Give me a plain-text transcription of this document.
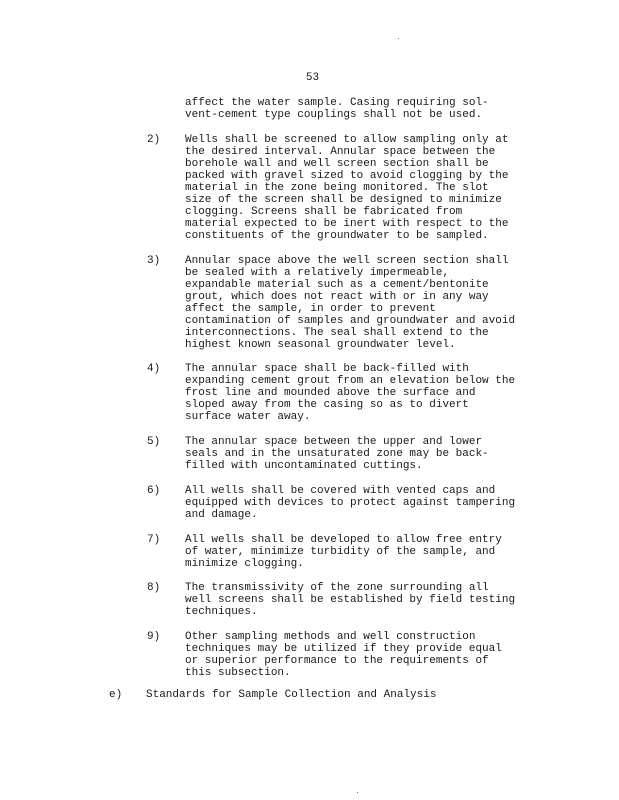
53
affect the water sample. Casing requiring sol-
vent-cement type couplings shall not be used.
2) Wells shall be screened to allow sampling only at
the desired interval. Annular space between the
borehole wall and well screen section shall be
packed with gravel sized to avoid clogging by the
material in the zone being monitored. The slot
size of the screen shall be designed to minimize
clogging. Screens shall be fabricated from
material expected to be inert with respect to the
constituents of the groundwater to be sampled.
3) Annular space above the well screen section shall
be sealed with a relatively impermeable,
expandable material such as a cement/bentonite
grout, which does not react with or in any way
affect the sample, in order to prevent
contamination of samples and groundwater and avoid
interconnections. The seal shall extend to the
highest known seasonal groundwater level.
4) The annular space shall be back-filled with
expanding cement grout from an elevation below the
frost line and mounded above the surface and
sloped away from the casing so as to divert
surface water away.
5) The annular space between the upper and lower
seals and in the unsaturated zone may be back-
filled with uncontaminated cuttings.
6) All wells shall be covered with vented caps and
equipped with devices to protect against tampering
and damage.
7) All wells shall be developed to allow free entry
of water, minimize turbidity of the sample, and
minimize clogging.
8) The transmissivity of the zone surrounding all
well screens shall be established by field testing
techniques.
9) Other sampling methods and well construction
techniques may be utilized if they provide equal
or superior performance to the requirements of
this subsection.
e) Standards for Sample Collection and Analysis
